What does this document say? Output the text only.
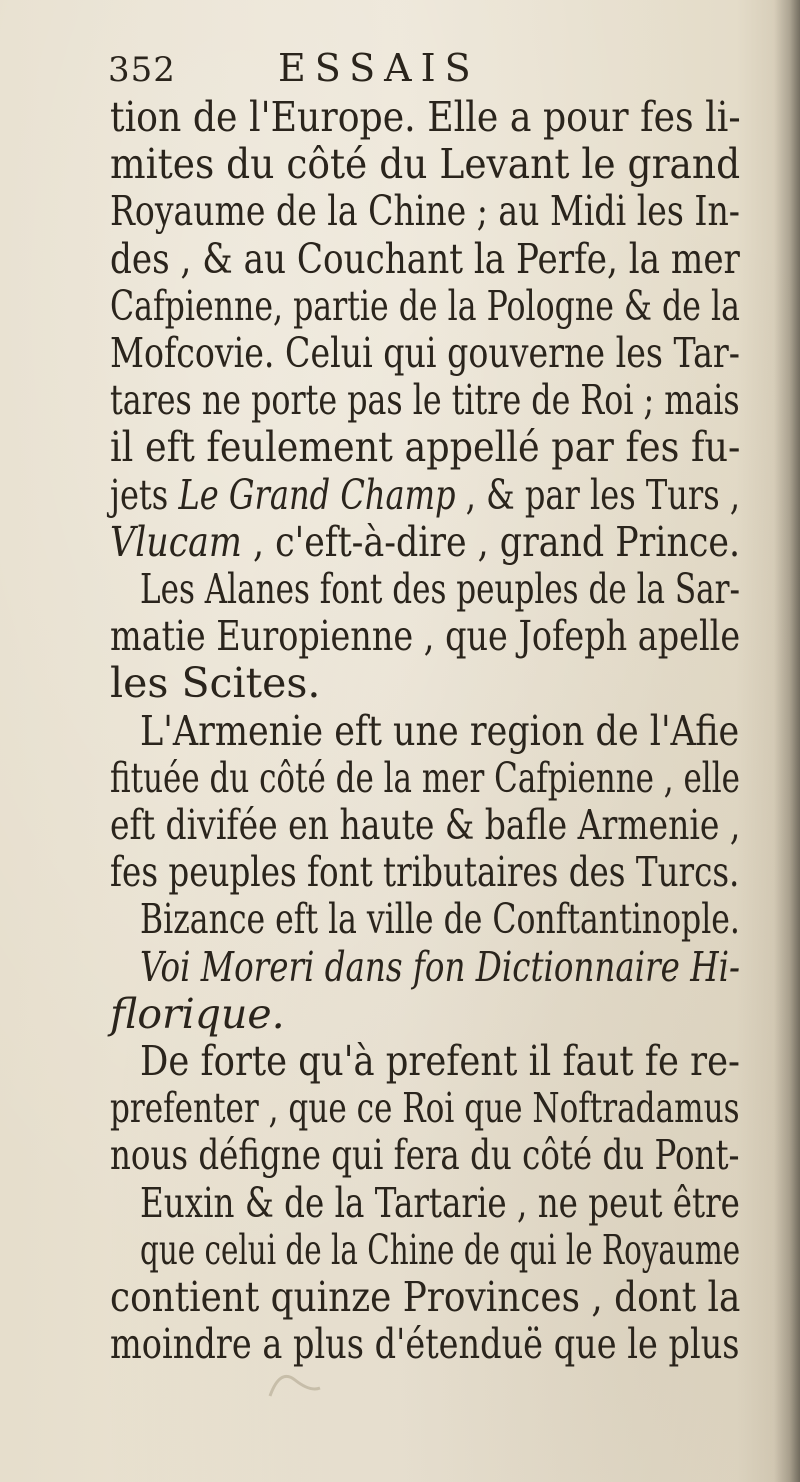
352	ESSAIS
tion de l'Europe. Elle a pour fes li-
mites du côté du Levant le grand
Royaume de la Chine ; au Midi les In-
des , & au Couchant la Perfe, la mer
Cafpienne, partie de la Pologne & de la
Mofcovie. Celui qui gouverne les Tar-
tares ne porte pas le titre de Roi ; mais
il eft feulement appellé par fes fu-
jets Le Grand Champ , & par les Turs ,
Vlucam , c'eft-à-dire , grand Prince.
Les Alanes font des peuples de la Sar-
matie Europienne , que Jofeph apelle
les Scites.
L'Armenie eft une region de l'Afie
fituée du côté de la mer Cafpienne , elle
eft divifée en haute & bafle Armenie ,
fes peuples font tributaires des Turcs.
Bizance eft la ville de Conftantinople.
Voi Moreri dans fon Dictionnaire Hi-
florique.
De forte qu'à prefent il faut fe re-
prefenter , que ce Roi que Noftradamus
nous défigne qui fera du côté du Pont-
Euxin & de la Tartarie , ne peut être
que celui de la Chine de qui le Royaume
contient quinze Provinces , dont la
moindre a plus d'étenduë que le plus
